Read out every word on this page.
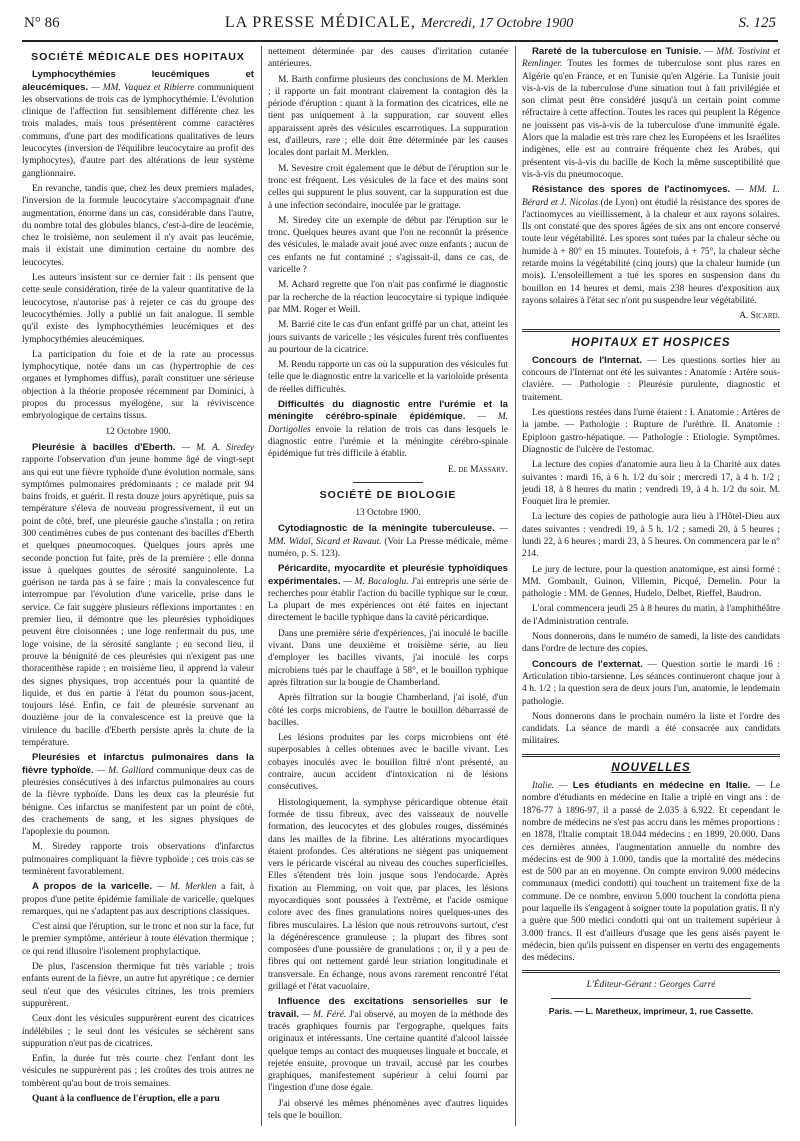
N° 86	LA PRESSE MÉDICALE, Mercredi, 17 Octobre 1900	S. 125
SOCIÉTÉ MÉDICALE DES HOPITAUX

Lymphocythémies leucémiques et aleucémiques. — MM. Vaquez et Ribierre communiquent les observations de trois cas de lymphocythémie. L'évolution clinique de l'affection fut sensiblement différente chez les trois malades, mais tous présentèrent comme caractères communs, d'une part des modifications qualitatives de leurs leucocytes (inversion de l'équilibre leucocytaire au profit des lymphocytes), d'autre part des altérations de leur système ganglionnaire.

En revanche, tandis que, chez les deux premiers malades, l'inversion de la formule leucocytaire s'accompagnait d'une augmentation, énorme dans un cas, considérable dans l'autre, du nombre total des globules blancs, c'est-à-dire de leucémie, chez le troisième, non seulement il n'y avait pas leucémie, mais il existait une diminution certaine du nombre des leucocytes.

Les auteurs insistent sur ce dernier fait : ils pensent que cette seule considération, tirée de la valeur quantitative de la leucocytose, n'autorise pas à rejeter ce cas du groupe des leucocythémies. Jolly a publié un fait analogue. Il semble qu'il existe des lymphocythémies leucémiques et des lymphocythémies aleucémiques.

La participation du foie et de la rate au processus lymphocytique, notée dans un cas (hypertrophie de ces organes et lymphomes diffus), paraît constituer une sérieuse objection à la théorie proposée récemment par Dominici, à propos du processus myélogène, sur la réviviscence embryologique de certains tissus.

12 Octobre 1900.

Pleurésie à bacilles d'Eberth. — M. A. Siredey rapporte l'observation d'un jeune homme âgé de vingt-sept ans qui eut une fièvre typhoïde d'une évolution normale, sans symptômes pulmonaires prédominants ; ce malade prit 94 bains froids, et guérit. Il resta douze jours apyrétique, puis sa température s'éleva de nouveau progressivement, il eut un point de côté, bref, une pleurésie gauche s'installa ; on retira 300 centimètres cubes de pus contenant des bacilles d'Eberth et quelques pneumocoques. Quelques jours après une seconde ponction fut faite, près de la première ; elle donna issue à quelques gouttes de sérosité sanguinolente. La guérison ne tarda pas à se faire ; mais la convalescence fut interrompue par l'évolution d'une varicelle, prise dans le service. Ce fait suggère plusieurs réflexions importantes : en premier lieu, il démontre que les pleurésies typhoïdiques peuvent être cloisonnées ; une loge renfermait du pus, une loge voisine, de la sérosité sanglante ; en second lieu, il prouve la bénignité de ces pleurésies qui n'exigent pas une thoracenthèse rapide ; en troisième lieu, il apprend la valeur des signes physiques, trop accentués pour la quantité de liquide, et dus en partie à l'état du poumon sous-jacent, toujours lésé. Enfin, ce fait de pleurésie survenant au douzième jour de la convalescence est la preuve que la virulence du bacille d'Eberth persiste après la chute de la température.

Pleurésies et infarctus pulmonaires dans la fièvre typhoïde. — M. Galliard communique deux cas de pleurésies consécutives à des infarctus pulmonaires au cours de la fièvre typhoïde. Dans les deux cas la pleurésie fut bénigne. Ces infarctus se manifestent par un point de côté, des crachements de sang, et les signes physiques de l'apoplexie du poumon.

M. Siredey rapporte trois observations d'infarctus pulmonaires compliquant la fièvre typhoïde ; ces trois cas se terminèrent favorablement.

A propos de la varicelle. — M. Merklen a fait, à propos d'une petite épidémie familiale de varicelle, quelques remarques, qui ne s'adaptent pas aux descriptions classiques.

C'est ainsi que l'éruption, sur le tronc et non sur la face, fut le premier symptôme, antérieur à toute élévation thermique ; ce qui rend illusoire l'isolement prophylactique.

De plus, l'ascension thermique fut très variable ; trois enfants eurent de la fièvre, un autre fut apyrétique ; ce dernier seul n'eut que des vésicules citrines, les trois premiers suppurèrent.

Ceux dont les vésicules suppurèrent eurent des cicatrices indélébiles ; le seul dont les vésicules se séchèrent sans suppuration n'eut pas de cicatrices.

Enfin, la durée fut très courte chez l'enfant dont les vésicules ne suppurèrent pas ; les croûtes des trois autres ne tombèrent qu'au bout de trois semaines.

Quant à la confluence de l'éruption, elle a paru

nettement déterminée par des causes d'irritation cutanée antérieures.

M. Barth confirme plusieurs des conclusions de M. Merklen ; il rapporte un fait montrant clairement la contagion dès la période d'éruption : quant à la formation des cicatrices, elle ne tient pas uniquement à la suppuration, car souvent elles apparaissent après des vésicules escarrotiques. La suppuration est, d'ailleurs, rare ; elle doit être déterminée par les causes locales dont parlait M. Merklen.

M. Sevestre croit également que le début de l'éruption sur le tronc est fréquent. Les vésicules de la face et des mains sont celles qui suppurent le plus souvent, car la suppuration est due à une infection secondaire, inoculée par le grattage.

M. Siredey cite un exemple de début par l'éruption sur le tronc. Quelques heures avant que l'on ne reconnût la présence des vésicules, le malade avait joué avec onze enfants ; aucun de ces enfants ne fut contaminé ; s'agissait-il, dans ce cas, de varicelle ?

M. Achard regrette que l'on n'ait pas confirmé le diagnostic par la recherche de la réaction leucocytaire si typique indiquée par MM. Roger et Weill.

M. Barrié cite le cas d'un enfant griffé par un chat, atteint les jours suivants de varicelle ; les vésicules furent très confluentes au pourtour de la cicatrice.

M. Rendu rapporte un cas où la suppuration des vésicules fut telle que le diagnostic entre la varicelle et la varioloïde présenta de réelles difficultés.

Difficultés du diagnostic entre l'urémie et la méningite cérébro-spinale épidémique. — M. Dartigolles envoie la relation de trois cas dans lesquels le diagnostic entre l'urémie et la méningite cérébro-spinale épidémique fut très difficile à établir.

E. de Massary.
SOCIÉTÉ DE BIOLOGIE
13 Octobre 1900.

Cytodiagnostic de la méningite tuberculeuse. — MM. Widal, Sicard et Ravaut. (Voir La Presse médicale, même numéro, p. S. 123).

Péricardite, myocardite et pleurésie typhoïdiques expérimentales. — M. Bacaloglu. J'ai entrepris une série de recherches pour établir l'action du bacille typhique sur le cœur. La plupart de mes expériences ont été faites en injectant directement le bacille typhique dans la cavité péricardique.

Dans une première série d'expériences, j'ai inoculé le bacille vivant. Dans une deuxième et troisième série, au lieu d'employer les bacilles vivants, j'ai inoculé les corps microbiens tués par le chauffage à 58°, et le bouillon typhique après filtration sur la bougie de Chamberland.

Après filtration sur la bougie Chamberland, j'ai isolé, d'un côté les corps microbiens, de l'autre le bouillon débarrassé de bacilles.

Les lésions produites par les corps microbiens ont été superposables à celles obtenues avec le bacille vivant. Les cobayes inoculés avec le bouillon filtré n'ont présenté, au contraire, aucun accident d'intoxication ni de lésions consécutives.

Histologiquement, la symphyse péricardique obtenue était formée de tissu fibreux, avec des vaisseaux de nouvelle formation, des leucocytes et des globules rouges, disséminés dans les mailles de la fibrine. Les altérations myocardiques étaient profondes. Ces altérations ne siègent pas uniquement vers le péricarde viscéral au niveau des couches superficielles. Elles s'étendent très loin jusque sous l'endocarde. Après fixation au Flemming, on voit que, par places, les lésions myocardiques sont poussées à l'extrême, et l'acide osmique colore avec des fines granulations noires quelques-unes des fibres musculaires. La lésion que nous retrouvons surtout, c'est la dégénérescence granuleuse ; la plupart des fibres sont composées d'une poussière de granulations ; or, il y a peu de fibres qui ont nettement gardé leur striation longitudinale et transversale. En échange, nous avons rarement rencontré l'état grillagé et l'état vacuolaire.

Influence des excitations sensorielles sur le travail. — M. Féré. J'ai observé, au moyen de la méthode des tracés graphiques fournis par l'ergographe, quelques faits originaux et intéressants. Une certaine quantité d'alcool laissée quelque temps au contact des muqueuses linguale et buccale, et rejetée ensuite, provoque un travail, accusé par les courbes graphiques, manifestement supérieur à celui fourni par l'ingestion d'une dose égale.

J'ai observé les mêmes phénomènes avec d'autres liquides tels que le bouillon.

Rareté de la tuberculose en Tunisie. — MM. Tostivint et Remlinger. Toutes les formes de tuberculose sont plus rares en Algérie qu'en France, et en Tunisie qu'en Algérie. La Tunisie jouit vis-à-vis de la tuberculose d'une situation tout à fait privilégiée et son climat peut être considéré jusqu'à un certain point comme réfractaire à cette affection. Toutes les races qui peuplent la Régence ne jouissent pas vis-à-vis de la tuberculose d'une immunité égale. Alors que la maladie est très rare chez les Européens et les Israélites indigènes, elle est au contraire fréquente chez les Arabes, qui présentent vis-à-vis du bacille de Koch la même susceptibilité que vis-à-vis du pneumocoque.

Résistance des spores de l'actinomyces. — MM. L. Bérard et J. Nicolas (de Lyon) ont étudié la résistance des spores de l'actinomyces au vieillissement, à la chaleur et aux rayons solaires. Ils ont constaté que des spores âgées de six ans ont encore conservé toute leur végétabilité. Les spores sont tuées par la chaleur sèche ou humide à + 80° en 15 minutes. Toutefois, à + 75°, la chaleur sèche retarde moins la végétabilité (cinq jours) que la chaleur humide (un mois). L'ensoleillement a tué les spores en suspension dans du bouillon en 14 heures et demi, mais 238 heures d'exposition aux rayons solaires à l'état sec n'ont pu suspendre leur végétabilité.

A. Sicard.
HOPITAUX ET HOSPICES

Concours de l'Internat. — Les questions sorties hier au concours de l'Internat ont été les suivantes : Anatomie : Artère sous-clavière. — Pathologie : Pleurésie purulente, diagnostic et traitement.

Les questions restées dans l'urne étaient : I. Anatomie : Artères de la jambe. — Pathologie : Rupture de l'urèthre. II. Anatomie : Epiploon gastro-hépatique. — Pathologie : Etiologie. Symptômes. Diagnostic de l'ulcère de l'estomac.

La lecture des copies d'anatomie aura lieu à la Charité aux dates suivantes : mardi 16, à 6 h. 1/2 du soir ; mercredi 17, à 4 h. 1/2 ; jeudi 18, à 8 heures du matin ; vendredi 19, à 4 h. 1/2 du soir. M. Fouquet lira le premier.

La lecture des copies de pathologie aura lieu à l'Hôtel-Dieu aux dates suivantes : vendredi 19, à 5 h. 1/2 ; samedi 20, à 5 heures ; lundi 22, à 6 heures ; mardi 23, à 5 heures. On commencera par le n° 214.

Le jury de lecture, pour la question anatomique, est ainsi formé : MM. Gombault, Guinon, Villemin, Picqué, Demelin. Pour la pathologie : MM. de Gennes, Hudelo, Delbet, Rieffel, Baudron.

L'oral commencera jeudi 25 à 8 heures du matin, à l'amphithéâtre de l'Administration centrale.

Nous donnerons, dans le numéro de samedi, la liste des candidats dans l'ordre de lecture des copies.

Concours de l'externat. — Question sortie le mardi 16 : Articulation tibio-tarsienne. Les séances continueront chaque jour à 4 h. 1/2 ; la question sera de deux jours l'un, anatomie, le lendemain pathologie.

Nous donnerons dans le prochain numéro la liste et l'ordre des candidats. La séance de mardi a été consacrée aux candidats militaires.

NOUVELLES

Italie. — Les étudiants en médecine en Italie. — Le nombre d'étudiants en médecine en Italie a triplé en vingt ans : de 1876-77 à 1896-97, il a passé de 2.035 à 6.922. Et cependant le nombre de médecins ne s'est pas accru dans les mêmes proportions : en 1878, l'Italie comptait 18.044 médecins ; en 1899, 20.000. Dans ces dernières années, l'augmentation annuelle du nombre des médecins est de 900 à 1.000, tandis que la mortalité des médecins est de 500 par an en moyenne. On compte environ 9.000 médecins communaux (medici condotti) qui touchent un traitement fixe de la commune. De ce nombre, environ 5.000 touchent la condotta piena pour laquelle ils s'engagent à soigner toute la population gratis. Il n'y a guère que 500 medici condotti qui ont un traitement supérieur à 3.000 francs. Il est d'ailleurs d'usage que les gens aisés payent le médecin, bien qu'ils puissent en dispenser en vertu des engagements des médecins.

L'Éditeur-Gérant : Georges Carré
Paris. — L. Maretheux, imprimeur, 1, rue Cassette.
